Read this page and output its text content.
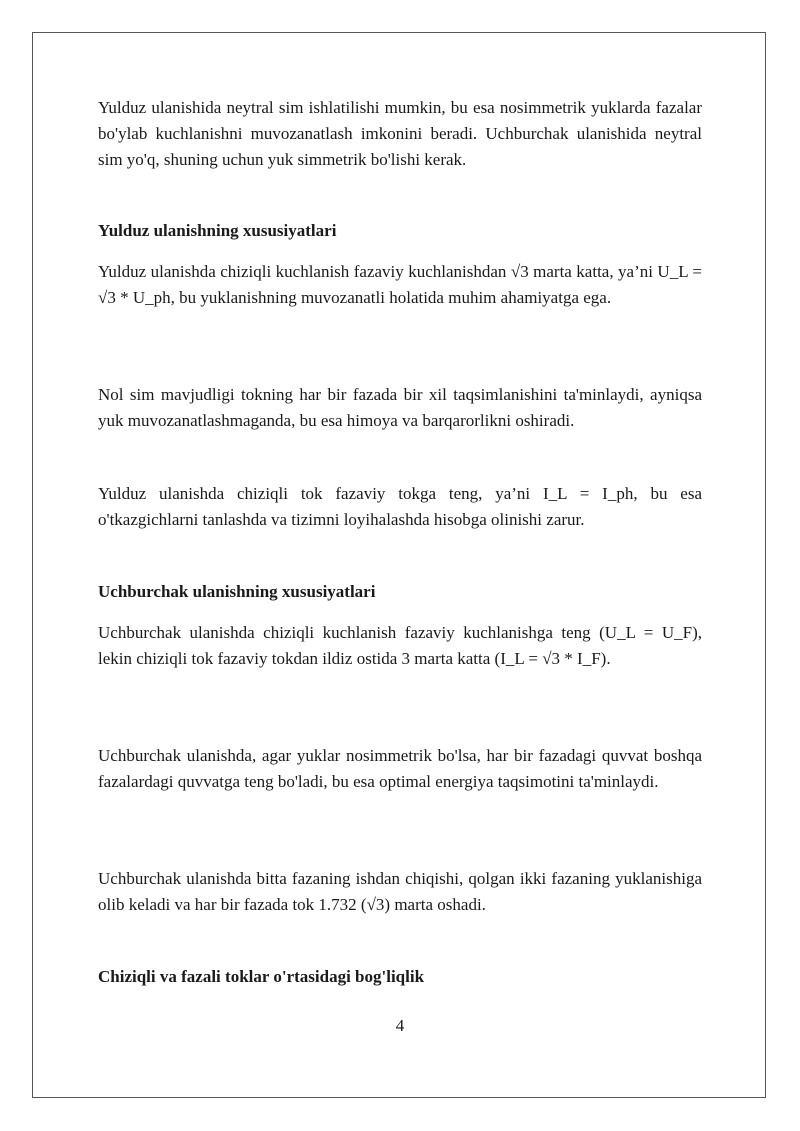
Yulduz ulanishida neytral sim ishlatilishi mumkin, bu esa nosimmetrik yuklarda fazalar bo'ylab kuchlanishni muvozanatlash imkonini beradi. Uchburchak ulanishida neytral sim yo'q, shuning uchun yuk simmetrik bo'lishi kerak.

Yulduz ulanishning xususiyatlari

Yulduz ulanishda chiziqli kuchlanish fazaviy kuchlanishdan √3 marta katta, ya’ni U_L = √3 * U_ph, bu yuklanishning muvozanatli holatida muhim ahamiyatga ega.

Nol sim mavjudligi tokning har bir fazada bir xil taqsimlanishini ta'minlaydi, ayniqsa yuk muvozanatlashmaganda, bu esa himoya va barqarorlikni oshiradi.

Yulduz ulanishda chiziqli tok fazaviy tokga teng, ya’ni I_L = I_ph, bu esa o'tkazgichlarni tanlashda va tizimni loyihalashda hisobga olinishi zarur.

Uchburchak ulanishning xususiyatlari

Uchburchak ulanishda chiziqli kuchlanish fazaviy kuchlanishga teng (U_L = U_F), lekin chiziqli tok fazaviy tokdan ildiz ostida 3 marta katta (I_L = √3 * I_F).

Uchburchak ulanishda, agar yuklar nosimmetrik bo'lsa, har bir fazadagi quvvat boshqa fazalardagi quvvatga teng bo'ladi, bu esa optimal energiya taqsimotini ta'minlaydi.

Uchburchak ulanishda bitta fazaning ishdan chiqishi, qolgan ikki fazaning yuklanishiga olib keladi va har bir fazada tok 1.732 (√3) marta oshadi.

Chiziqli va fazali toklar o'rtasidagi bog'liqlik

4
